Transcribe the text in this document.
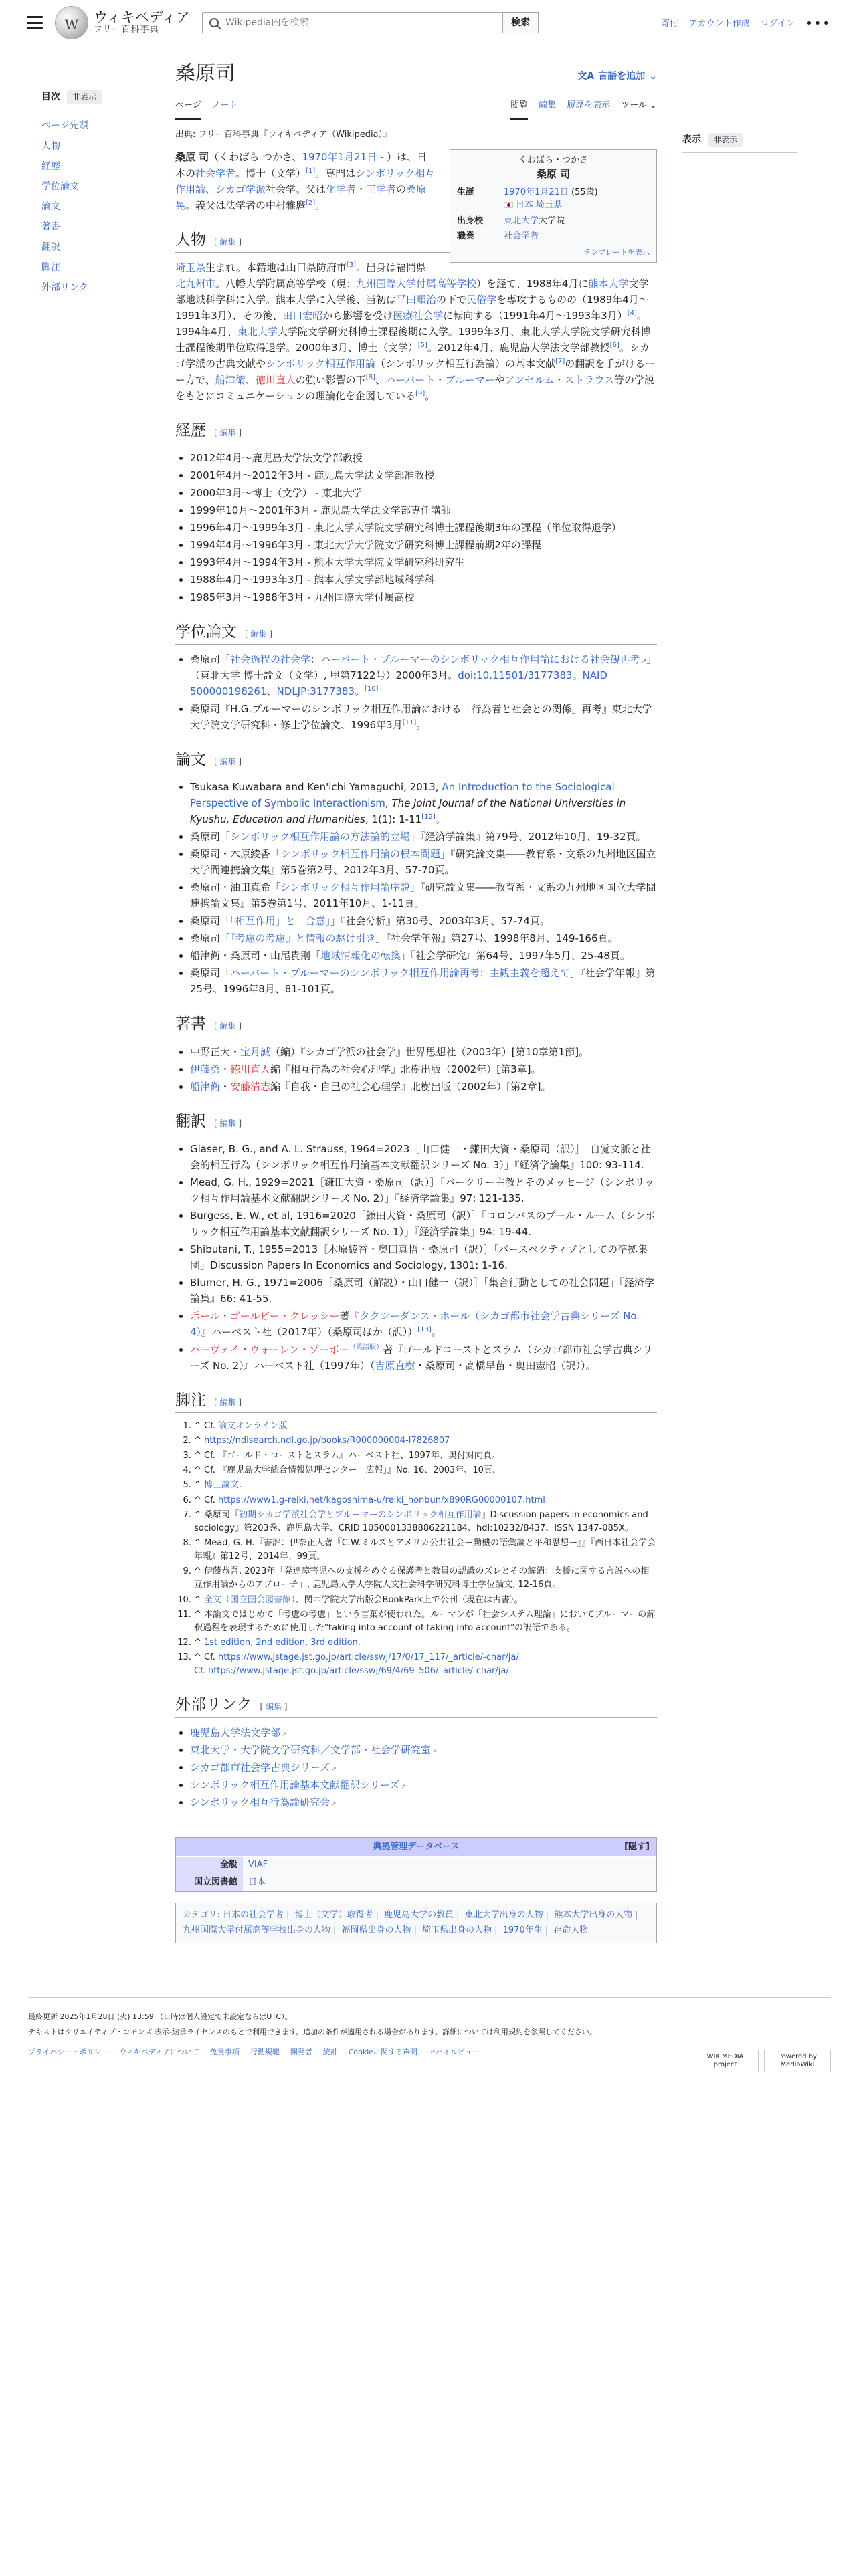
W
ウィキペディア
フリー百科事典
Wikipedia内を検索	検索	寄付 アカウント作成 ログイン •••
目次	非表示
ページ先頭
人物
経歴
学位論文
論文
著書
翻訳
脚注
外部リンク
桑原司	文A 言語を追加 ⌄
ページ ノート	閲覧 編集 履歴を表示 ツール ⌄
出典: フリー百科事典『ウィキペディア（Wikipedia）』
くわばら・つかさ
桑原 司
生誕	1970年1月21日 (55歳)
日本 埼玉県
出身校	東北大学大学院
職業	社会学者
テンプレートを表示

桑原 司（くわばら つかさ、1970年1月21日 - ）は、日本の社会学者。博士（文学）[1]。専門はシンボリック相互作用論、シカゴ学派社会学。父は化学者・工学者の桑原晃。義父は法学者の中村雅麿[2]。

人物 [ 編集 ]

埼玉県生まれ。本籍地は山口県防府市[3]。出身は福岡県北九州市。八幡大学附属高等学校（現：九州国際大学付属高等学校）を経て、1988年4月に熊本大学文学部地域科学科に入学。熊本大学に入学後、当初は平田順治の下で民俗学を専攻するものの（1989年4月〜1991年3月）、その後、田口宏昭から影響を受け医療社会学に転向する（1991年4月〜1993年3月）[4]。1994年4月、東北大学大学院文学研究科博士課程後期に入学。1999年3月、東北大学大学院文学研究科博士課程後期単位取得退学。2000年3月、博士（文学）[5]。2012年4月、鹿児島大学法文学部教授[6]。シカゴ学派の古典文献やシンボリック相互作用論（シンボリック相互行為論）の基本文献[7]の翻訳を手がけるーー方で、船津衛、徳川直人の強い影響の下[8]、ハーバート・ブルーマーやアンセルム・ストラウス等の学説をもとにコミュニケーションの理論化を企図している[9]。

経歴 [ 編集 ]
• 2012年4月〜鹿児島大学法文学部教授
• 2001年4月〜2012年3月 - 鹿児島大学法文学部准教授
• 2000年3月〜博士（文学） - 東北大学
• 1999年10月〜2001年3月 - 鹿児島大学法文学部専任講師
• 1996年4月〜1999年3月 - 東北大学大学院文学研究科博士課程後期3年の課程（単位取得退学）
• 1994年4月〜1996年3月 - 東北大学大学院文学研究科博士課程前期2年の課程
• 1993年4月〜1994年3月 - 熊本大学大学院文学研究科研究生
• 1988年4月〜1993年3月 - 熊本大学文学部地域科学科
• 1985年3月〜1988年3月 - 九州国際大学付属高校
学位論文 [ 編集 ]
• 桑原司「社会過程の社会学：ハーバート・ブルーマーのシンボリック相互作用論における社会観再考 ↗」（東北大学 博士論文（文学）, 甲第7122号）2000年3月。doi:10.11501/3177383。NAID 500000198261、NDLJP:3177383。[10]
• 桑原司『H.G.ブルーマーのシンボリック相互作用論における「行為者と社会との関係」再考』東北大学大学院文学研究科・修士学位論文、1996年3月[11]。
論文 [ 編集 ]
• Tsukasa Kuwabara and Ken'ichi Yamaguchi, 2013, An Introduction to the Sociological Perspective of Symbolic Interactionism, The Joint Journal of the National Universities in Kyushu, Education and Humanities, 1(1): 1-11[12]。
• 桑原司「シンボリック相互作用論の方法論的立場」『経済学論集』第79号、2012年10月、19-32頁。
• 桑原司・木原綾香「シンボリック相互作用論の根本問題」『研究論文集――教育系・文系の九州地区国立大学間連携論文集』第5巻第2号、2012年3月、57-70頁。
• 桑原司・油田真希「シンボリック相互作用論序説」『研究論文集――教育系・文系の九州地区国立大学間連携論文集』第5巻第1号、2011年10月、1-11頁。
• 桑原司「「相互作用」と「合意」」『社会分析』第30号、2003年3月、57-74頁。
• 桑原司「『考慮の考慮』と情報の駆け引き」『社会学年報』第27号、1998年8月、149-166頁。
• 船津衛・桑原司・山尾貴則「地域情報化の転換」『社会学研究』第64号、1997年5月、25-48頁。
• 桑原司「ハーバート・ブルーマーのシンボリック相互作用論再考：主観主義を超えて」『社会学年報』第25号、1996年8月、81-101頁。
著書 [ 編集 ]
• 中野正大・宝月誠（編）『シカゴ学派の社会学』世界思想社（2003年）[第10章第1節]。
• 伊藤勇・徳川直人編『相互行為の社会心理学』北樹出版（2002年）[第3章]。
• 船津衛・安藤清志編『自我・自己の社会心理学』北樹出版（2002年）[第2章]。
翻訳 [ 編集 ]
• Glaser, B. G., and A. L. Strauss, 1964=2023［山口健一・鎌田大資・桑原司（訳）］「自覚文脈と社会的相互行為（シンボリック相互作用論基本文献翻訳シリーズ No. 3）」『経済学論集』100: 93-114.
• Mead, G. H., 1929=2021［鎌田大資・桑原司（訳）］「バークリー主教とそのメッセージ（シンボリック相互作用論基本文献翻訳シリーズ No. 2）」『経済学論集』97: 121-135.
• Burgess, E. W., et al, 1916=2020［鎌田大資・桑原司（訳）］「コロンバスのプール・ルーム（シンボリック相互作用論基本文献翻訳シリーズ No. 1）」『経済学論集』94: 19-44.
• Shibutani, T., 1955=2013［木原綾香・奥田真悟・桑原司（訳）］「パースペクティブとしての準拠集団」Discussion Papers In Economics and Sociology, 1301: 1-16.
• Blumer, H. G., 1971=2006［桑原司（解説）・山口健一（訳）］「集合行動としての社会問題」『経済学論集』66: 41-55.
• ポール・ゴールビー・クレッシー著『タクシーダンス・ホール（シカゴ都市社会学古典シリーズ No. 4）』ハーベスト社（2017年）（桑原司ほか（訳））[13]。
• ハーヴェイ・ウォーレン・ゾーボー$^{(英語版)}$著『ゴールドコーストとスラム（シカゴ都市社会学古典シリーズ No. 2）』ハーベスト社（1997年）（吉原直樹・桑原司・高橋早苗・奥田憲昭（訳））。
脚注 [ 編集 ]
1. ^ Cf. 論文オンライン版
2. ^ https://ndlsearch.ndl.go.jp/books/R000000004-I7826807
3. ^ Cf. 『ゴールド・コーストとスラム』ハーベスト社、1997年、奥付対向頁。
4. ^ Cf. 『鹿児島大学総合情報処理センター「広報」』No. 16、2003年、10頁.
5. ^ 博士論文.
6. ^ Cf. https://www1.g-reiki.net/kagoshima-u/reiki_honbun/x890RG00000107.html
7. ^ 桑原司『初期シカゴ学派社会学とブルーマーのシンボリック相互作用論』Discussion papers in economics and sociology』第203巻、鹿児島大学、CRID 1050001338886221184、hdl:10232/8437、ISSN 1347-085X。
8. ^ Mead, G. H.『書評：伊奈正人著『C.W.ミルズとアメリカ公共社会ー動機の語彙論と平和思想ー』』『西日本社会学会年報』第12号、2014年、99頁。
9. ^ 伊藤恭吾, 2023年「発達障害児への支援をめぐる保護者と教員の認識のズレとその解消：支援に関する言説への相互作用論からのアプローチ」, 鹿児島大学大学院人文社会科学研究科博士学位論文, 12-16頁。
10. ^ 全文（国立国会図書館）、関西学院大学出版会BookPark上で公刊（現在は古書）。
11. ^ 本論文ではじめて「考慮の考慮」という言葉が使われた。ルーマンが「社会システム理論」においてブルーマーの解釈過程を表現するために使用した"taking into account of taking into account"の訳語である。
12. ^ 1st edition, 2nd edition, 3rd edition.
13. ^ Cf. https://www.jstage.jst.go.jp/article/sswj/17/0/17_117/_article/-char/ja/
Cf. https://www.jstage.jst.go.jp/article/sswj/69/4/69_506/_article/-char/ja/
外部リンク [ 編集 ]
• 鹿児島大学法文学部 ↗
• 東北大学・大学院文学研究科／文学部・社会学研究室 ↗
• シカゴ都市社会学古典シリーズ ↗
• シンボリック相互作用論基本文献翻訳シリーズ ↗
• シンボリック相互行為論研究会 ↗
典拠管理データベース	[隠す]
全般	VIAF
国立図書館	日本
カテゴリ: 日本の社会学者 | 博士（文学）取得者 | 鹿児島大学の教員 | 東北大学出身の人物 | 熊本大学出身の人物 | 九州国際大学付属高等学校出身の人物 | 福岡県出身の人物 | 埼玉県出身の人物 | 1970年生 | 存命人物
表示	非表示

最終更新 2025年1月28日 (火) 13:59 （日時は個人設定で未設定ならばUTC）。

テキストはクリエイティブ・コモンズ 表示-継承ライセンスのもとで利用できます。追加の条件が適用される場合があります。詳細については利用規約を参照してください。

プライバシー・ポリシー ウィキペディアについて 免責事項 行動規範 開発者 統計 Cookieに関する声明 モバイルビュー
WIKIMEDIA project
Powered by MediaWiki
